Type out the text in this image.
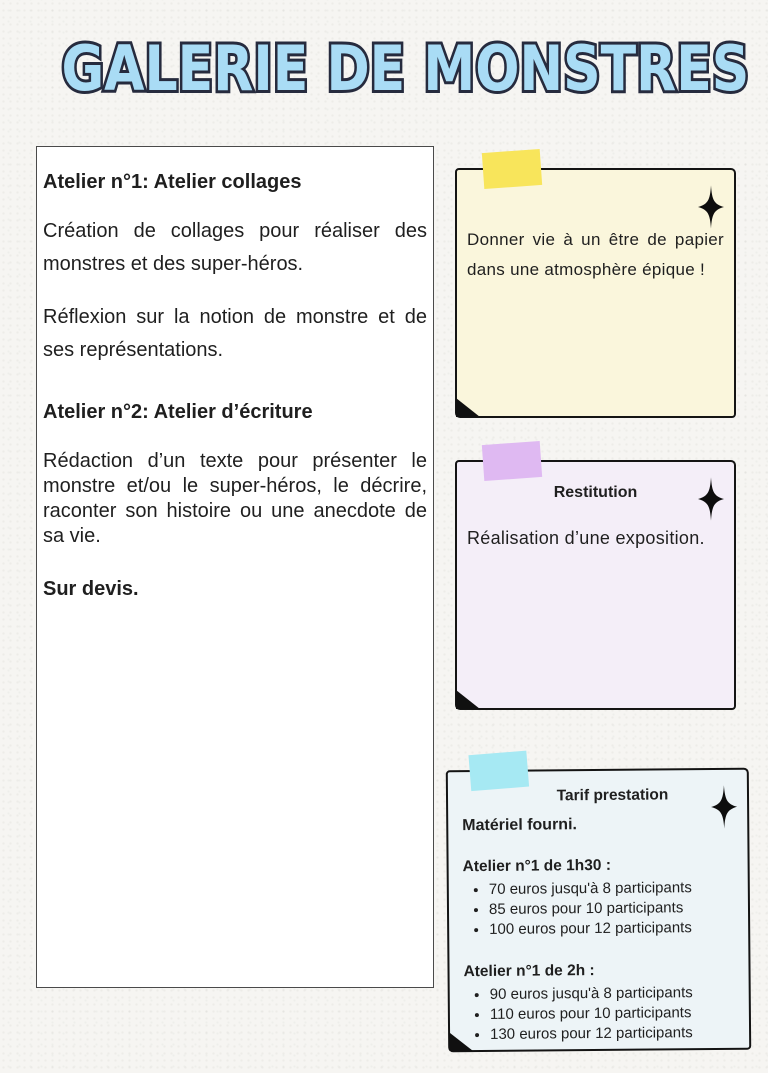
GALERIE DE MONSTRES

Atelier n°1: Atelier collages

Création de collages pour réaliser des monstres et des super-héros.

Réflexion sur la notion de monstre et de ses représentations.

Atelier n°2: Atelier d’écriture

Rédaction d’un texte pour présenter le monstre et/ou le super-héros, le décrire, raconter son histoire ou une anecdote de sa vie.

Sur devis.

Donner vie à un être de papier dans une atmosphère épique !
Restitution
Réalisation d’une exposition.
Tarif prestation
Matériel fourni.
Atelier n°1 de 1h30 :
• 70 euros jusqu'à 8 participants
• 85 euros pour 10 participants
• 100 euros pour 12 participants
Atelier n°1 de 2h :
• 90 euros jusqu'à 8 participants
• 110 euros pour 10 participants
• 130 euros pour 12 participants
